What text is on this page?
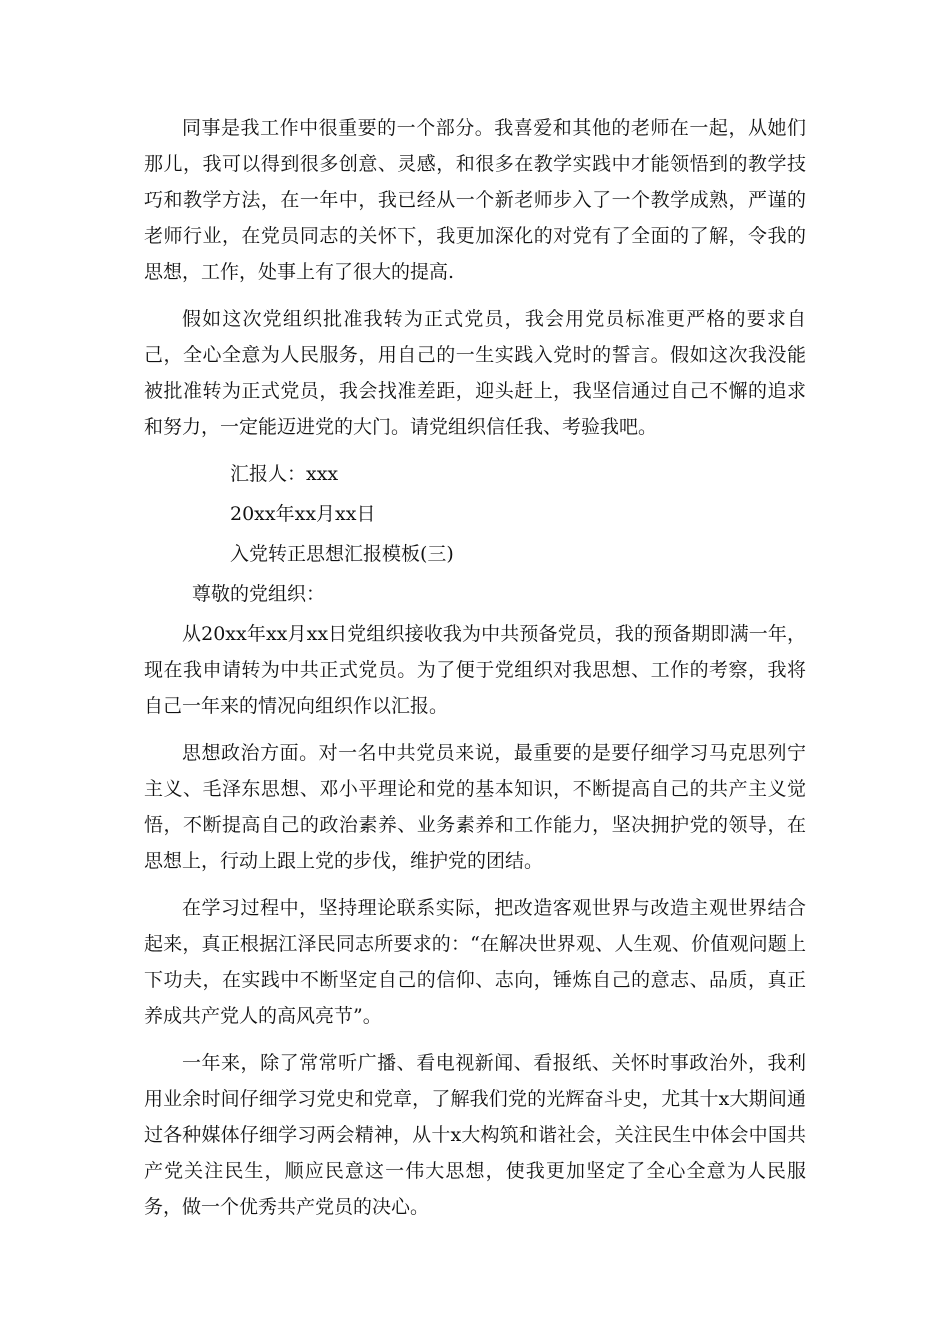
同事是我工作中很重要的一个部分。我喜爱和其他的老师在一起，从她们那儿，我可以得到很多创意、灵感，和很多在教学实践中才能领悟到的教学技巧和教学方法，在一年中，我已经从一个新老师步入了一个教学成熟，严谨的老师行业，在党员同志的关怀下，我更加深化的对党有了全面的了解，令我的思想，工作，处事上有了很大的提高.

假如这次党组织批准我转为正式党员，我会用党员标准更严格的要求自己，全心全意为人民服务，用自己的一生实践入党时的誓言。假如这次我没能被批准转为正式党员，我会找准差距，迎头赶上，我坚信通过自己不懈的追求和努力，一定能迈进党的大门。请党组织信任我、考验我吧。

汇报人：xxx
20xx年xx月xx日
入党转正思想汇报模板(三)
尊敬的党组织：

从20xx年xx月xx日党组织接收我为中共预备党员，我的预备期即满一年，现在我申请转为中共正式党员。为了便于党组织对我思想、工作的考察，我将自己一年来的情况向组织作以汇报。

思想政治方面。对一名中共党员来说，最重要的是要仔细学习马克思列宁主义、毛泽东思想、邓小平理论和党的基本知识，不断提高自己的共产主义觉悟，不断提高自己的政治素养、业务素养和工作能力，坚决拥护党的领导，在思想上，行动上跟上党的步伐，维护党的团结。

在学习过程中，坚持理论联系实际，把改造客观世界与改造主观世界结合起来，真正根据江泽民同志所要求的：“在解决世界观、人生观、价值观问题上下功夫，在实践中不断坚定自己的信仰、志向，锤炼自己的意志、品质，真正养成共产党人的高风亮节”。

一年来，除了常常听广播、看电视新闻、看报纸、关怀时事政治外，我利用业余时间仔细学习党史和党章，了解我们党的光辉奋斗史，尤其十x大期间通过各种媒体仔细学习两会精神，从十x大构筑和谐社会，关注民生中体会中国共产党关注民生，顺应民意这一伟大思想，使我更加坚定了全心全意为人民服务，做一个优秀共产党员的决心。
